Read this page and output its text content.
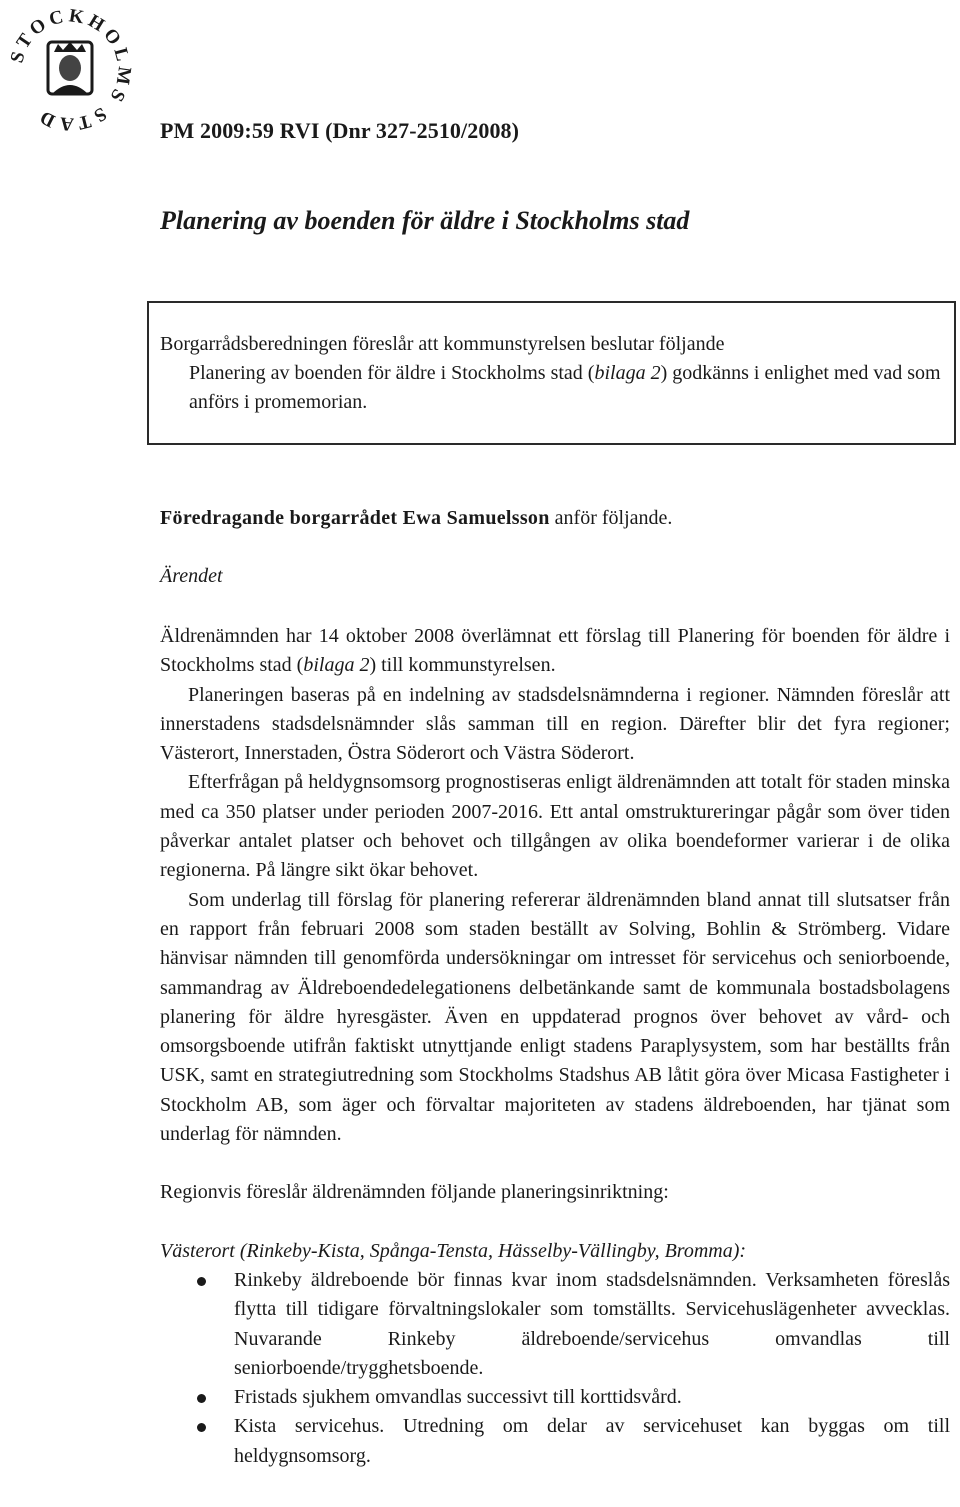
STOCKHOLMS STAD	PM 2009:59 RVI (Dnr 327-2510/2008)
Planering av boenden för äldre i Stockholms stad

Borgarrådsberedningen föreslår att kommunstyrelsen beslutar följande

Planering av boenden för äldre i Stockholms stad (bilaga 2) godkänns i enlighet med vad som anförs i promemorian.

Föredragande borgarrådet Ewa Samuelsson anför följande.
Ärendet

Äldrenämnden har 14 oktober 2008 överlämnat ett förslag till Planering för boenden för äldre i Stockholms stad (bilaga 2) till kommunstyrelsen.

Planeringen baseras på en indelning av stadsdelsnämnderna i regioner. Nämnden föreslår att innerstadens stadsdelsnämnder slås samman till en region. Därefter blir det fyra regioner; Västerort, Innerstaden, Östra Söderort och Västra Söderort.

Efterfrågan på heldygnsomsorg prognostiseras enligt äldrenämnden att totalt för staden minska med ca 350 platser under perioden 2007-2016. Ett antal omstruktureringar pågår som över tiden påverkar antalet platser och behovet och tillgången av olika boendeformer varierar i de olika regionerna. På längre sikt ökar behovet.

Som underlag till förslag för planering refererar äldrenämnden bland annat till slutsatser från en rapport från februari 2008 som staden beställt av Solving, Bohlin & Strömberg. Vidare hänvisar nämnden till genomförda undersökningar om intresset för servicehus och seniorboende, sammandrag av Äldreboendedelegationens delbetänkande samt de kommunala bostadsbolagens planering för äldre hyresgäster. Även en uppdaterad prognos över behovet av vård- och omsorgsboende utifrån faktiskt utnyttjande enligt stadens Paraplysystem, som har beställts från USK, samt en strategiutredning som Stockholms Stadshus AB låtit göra över Micasa Fastigheter i Stockholm AB, som äger och förvaltar majoriteten av stadens äldreboenden, har tjänat som underlag för nämnden.

Regionvis föreslår äldrenämnden följande planeringsinriktning:

Västerort (Rinkeby-Kista, Spånga-Tensta, Hässelby-Vällingby, Bromma):

Rinkeby äldreboende bör finnas kvar inom stadsdelsnämnden. Verksamheten föreslås flytta till tidigare förvaltningslokaler som tomställts. Servicehuslägenheter avvecklas. Nuvarande Rinkeby äldreboende/servicehus omvandlas till seniorboende/trygghetsboende.
Fristads sjukhem omvandlas successivt till korttidsvård.
Kista servicehus. Utredning om delar av servicehuset kan byggas om till heldygnsomsorg.
